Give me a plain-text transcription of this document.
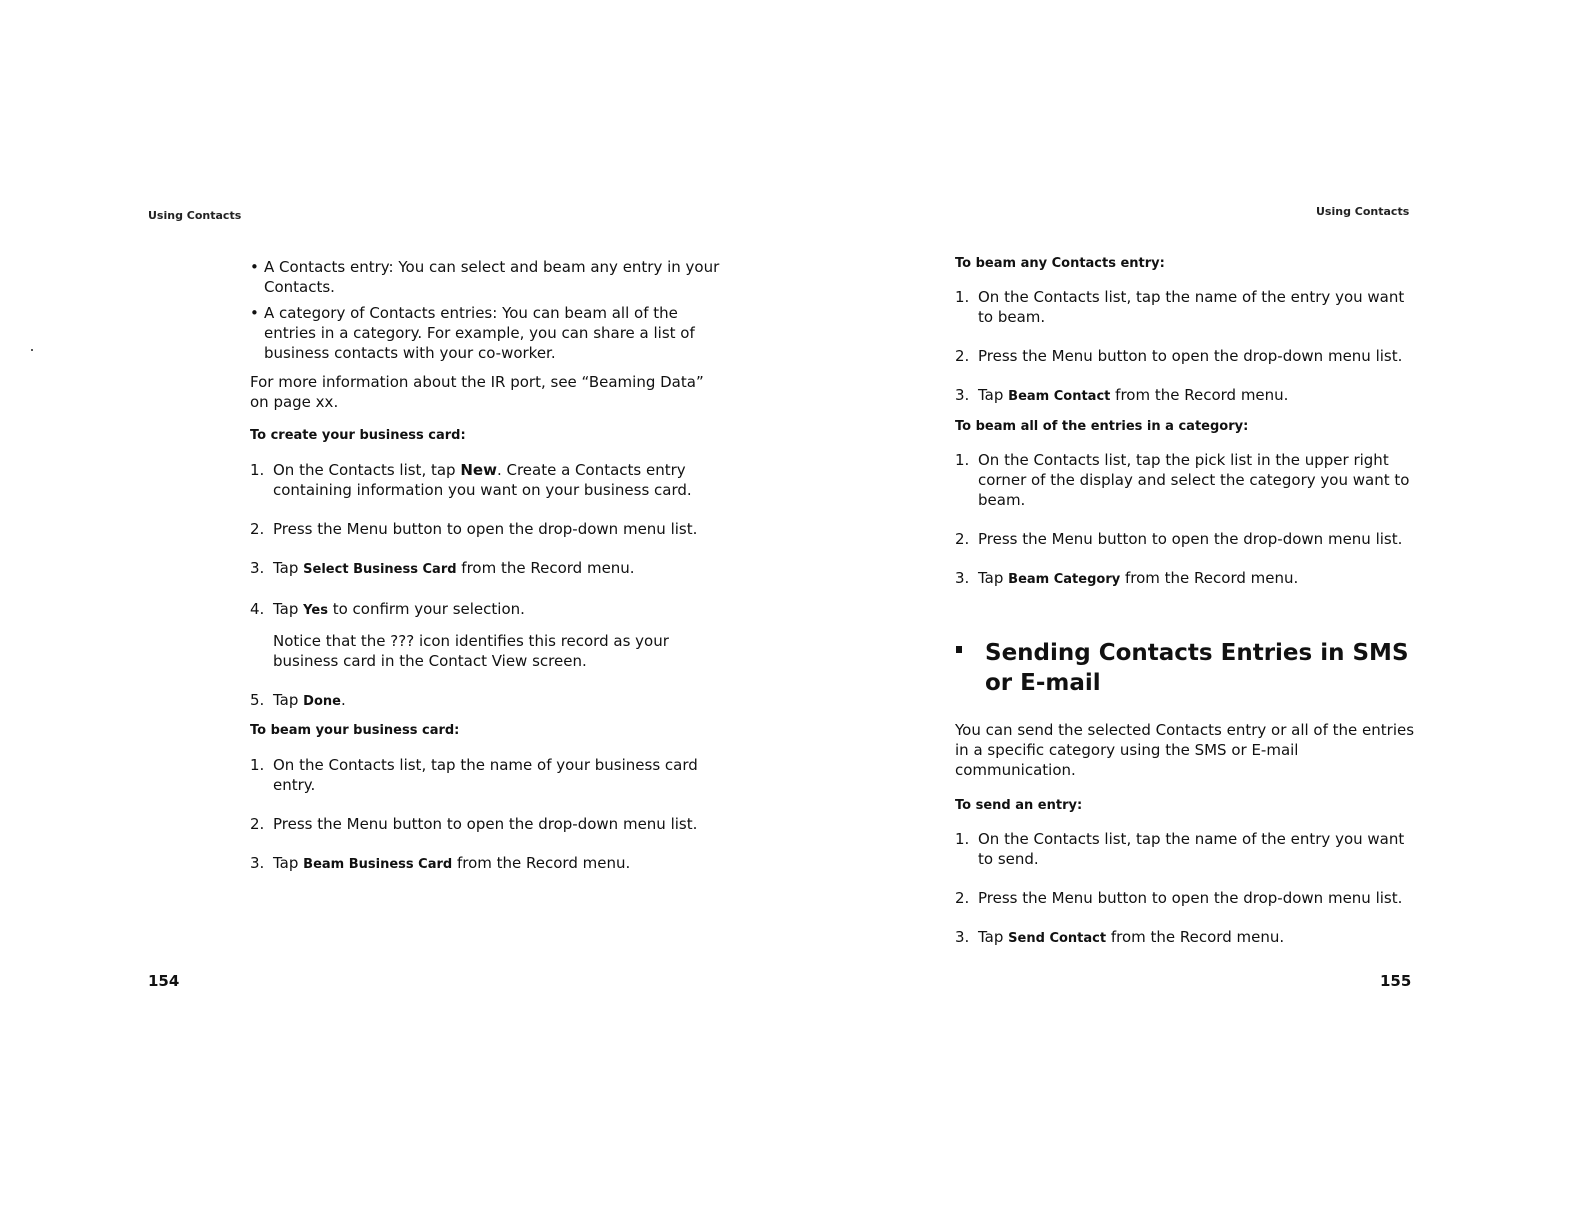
Using Contacts
• A Contacts entry: You can select and beam any entry in your Contacts.
• A category of Contacts entries: You can beam all of the entries in a category. For example, you can share a list of business contacts with your co-worker.

For more information about the IR port, see “Beaming Data” on page xx.

To create your business card:

1. On the Contacts list, tap New. Create a Contacts entry containing information you want on your business card.
2. Press the Menu button to open the drop-down menu list.
3. Tap Select Business Card from the Record menu.
4. Tap Yes to confirm your selection.

Notice that the ??? icon identifies this record as your business card in the Contact View screen.

5. Tap Done.

To beam your business card:

1. On the Contacts list, tap the name of your business card entry.
2. Press the Menu button to open the drop-down menu list.
3. Tap Beam Business Card from the Record menu.
154
Using Contacts

To beam any Contacts entry:

1. On the Contacts list, tap the name of the entry you want to beam.
2. Press the Menu button to open the drop-down menu list.
3. Tap Beam Contact from the Record menu.

To beam all of the entries in a category:

1. On the Contacts list, tap the pick list in the upper right corner of the display and select the category you want to beam.
2. Press the Menu button to open the drop-down menu list.
3. Tap Beam Category from the Record menu.
Sending Contacts Entries in SMS
or E-mail

You can send the selected Contacts entry or all of the entries in a specific category using the SMS or E-mail communication.

To send an entry:

1. On the Contacts list, tap the name of the entry you want to send.
2. Press the Menu button to open the drop-down menu list.
3. Tap Send Contact from the Record menu.
155
